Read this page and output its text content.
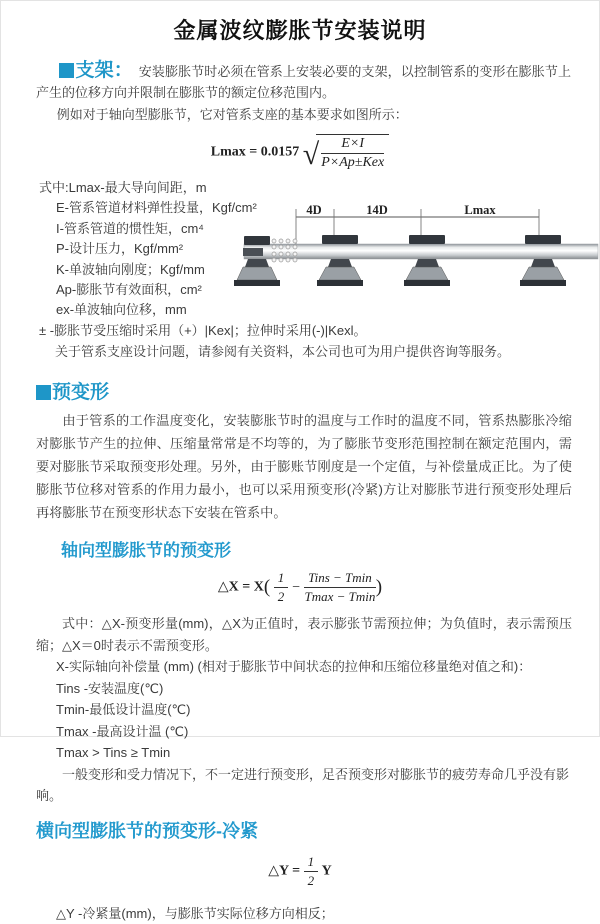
金属波纹膨胀节安装说明

支架： 安装膨胀节时必须在管系上安装必要的支架，以控制管系的变形在膨胀节上产生的位移方向并限制在膨胀节的额定位移范围内。

例如对于轴向型膨胀节，它对管系支座的基本要求如图所示：

Lmax = 0.0157 √ $\frac{E\times I}{\text{P×Ap±Kex}}$
式中:Lmax-最大导向间距，m
E-管系管道材料弹性投量，Kgf/cm²
I-管系管道的惯性矩，cm⁴
P-设计压力，Kgf/mm²
K-单波轴向刚度；Kgf/mm
Ap-膨胀节有效面积，cm²
ex-单波轴向位移，mm
4D	14D	Lmax

± -膨胀节受压缩时采用（+）|Kex|；拉伸时采用(-)|Kexl。

关于管系支座设计问题，请参阅有关资料，本公司也可为用户提供咨询等服务。

预变形

由于管系的工作温度变化，安装膨胀节时的温度与工作时的温度不同，管系热膨胀冷缩对膨胀节产生的拉伸、压缩量常常是不均等的，为了膨胀节变形范围控制在额定范围内，需要对膨胀节采取预变形处理。另外，由于膨账节刚度是一个定值，与补偿量成正比。为了使膨胀节位移对管系的作用力最小，也可以采用预变形(冷紧)方让对膨胀节进行预变形处理后再将膨胀节在预变形状态下安装在管系中。

轴向型膨胀节的预变形
△X = $X( \frac{1}{2} - \frac{\text{Tins − Tmin}}{Tmax - Tmin}$ )

式中：△X-预变形量(mm)，△X为正值时，表示膨张节需预拉伸；为负值时，表示需预压缩；△X＝0时表示不需预变形。

X-实际轴向补偿量 (mm) (相对于膨胀节中间状态的拉伸和压缩位移量绝对值之和)：
Tins -安装温度(℃)
Tmin-最低设计温度(℃)
Tmax -最高设计温 (℃)
Tmax > Tins ≥ Tmin

一般变形和受力情况下，不一定进行预变形，足否预变形对膨胀节的疲劳寿命几乎没有影响。

横向型膨胀节的预变形-冷紧
△Y = $\frac{1}{2}$ Y

△Y -冷紧量(mm)，与膨胀节实际位移方向相反；
